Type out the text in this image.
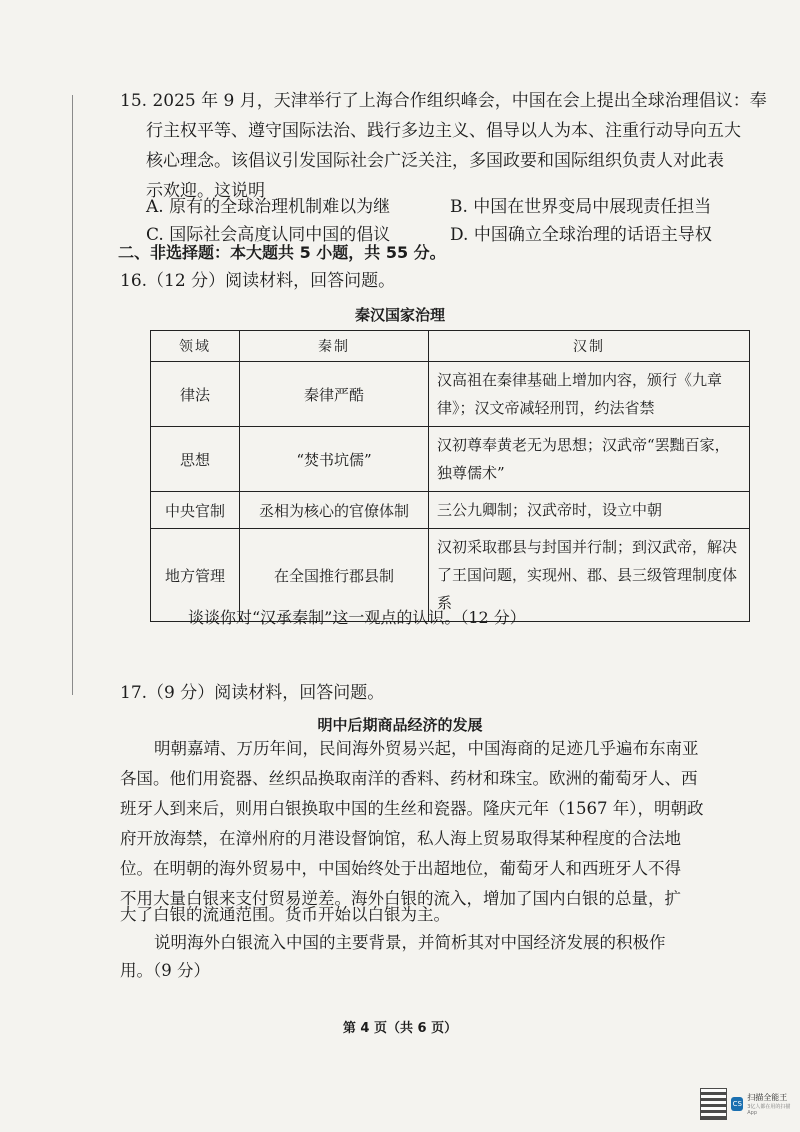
15. 2025 年 9 月，天津举行了上海合作组织峰会，中国在会上提出全球治理倡议：奉
行主权平等、遵守国际法治、践行多边主义、倡导以人为本、注重行动导向五大
核心理念。该倡议引发国际社会广泛关注，多国政要和国际组织负责人对此表
示欢迎。这说明
A. 原有的全球治理机制难以为继	B. 中国在世界变局中展现责任担当
C. 国际社会高度认同中国的倡议	D. 中国确立全球治理的话语主导权
二、非选择题：本大题共 5 小题，共 55 分。
16.（12 分）阅读材料，回答问题。
秦汉国家治理
领域	秦制	汉制
律法	秦律严酷	汉高祖在秦律基础上增加内容，颁行《九章律》；汉文帝减轻刑罚，约法省禁
思想	“焚书坑儒”	汉初尊奉黄老无为思想；汉武帝“罢黜百家，独尊儒术”
中央官制	丞相为核心的官僚体制	三公九卿制；汉武帝时，设立中朝
地方管理	在全国推行郡县制	汉初采取郡县与封国并行制；到汉武帝，解决了王国问题，实现州、郡、县三级管理制度体系
谈谈你对“汉承秦制”这一观点的认识。（12 分）
17.（9 分）阅读材料，回答问题。
明中后期商品经济的发展
明朝嘉靖、万历年间，民间海外贸易兴起，中国海商的足迹几乎遍布东南亚
各国。他们用瓷器、丝织品换取南洋的香料、药材和珠宝。欧洲的葡萄牙人、西
班牙人到来后，则用白银换取中国的生丝和瓷器。隆庆元年（1567 年），明朝政
府开放海禁，在漳州府的月港设督饷馆，私人海上贸易取得某种程度的合法地
位。在明朝的海外贸易中，中国始终处于出超地位，葡萄牙人和西班牙人不得
不用大量白银来支付贸易逆差。海外白银的流入，增加了国内白银的总量，扩
大了白银的流通范围。货币开始以白银为主。
说明海外白银流入中国的主要背景，并简析其对中国经济发展的积极作
用。（9 分）
第 4 页（共 6 页）
CS
扫描全能王
3亿人都在用的扫描App
